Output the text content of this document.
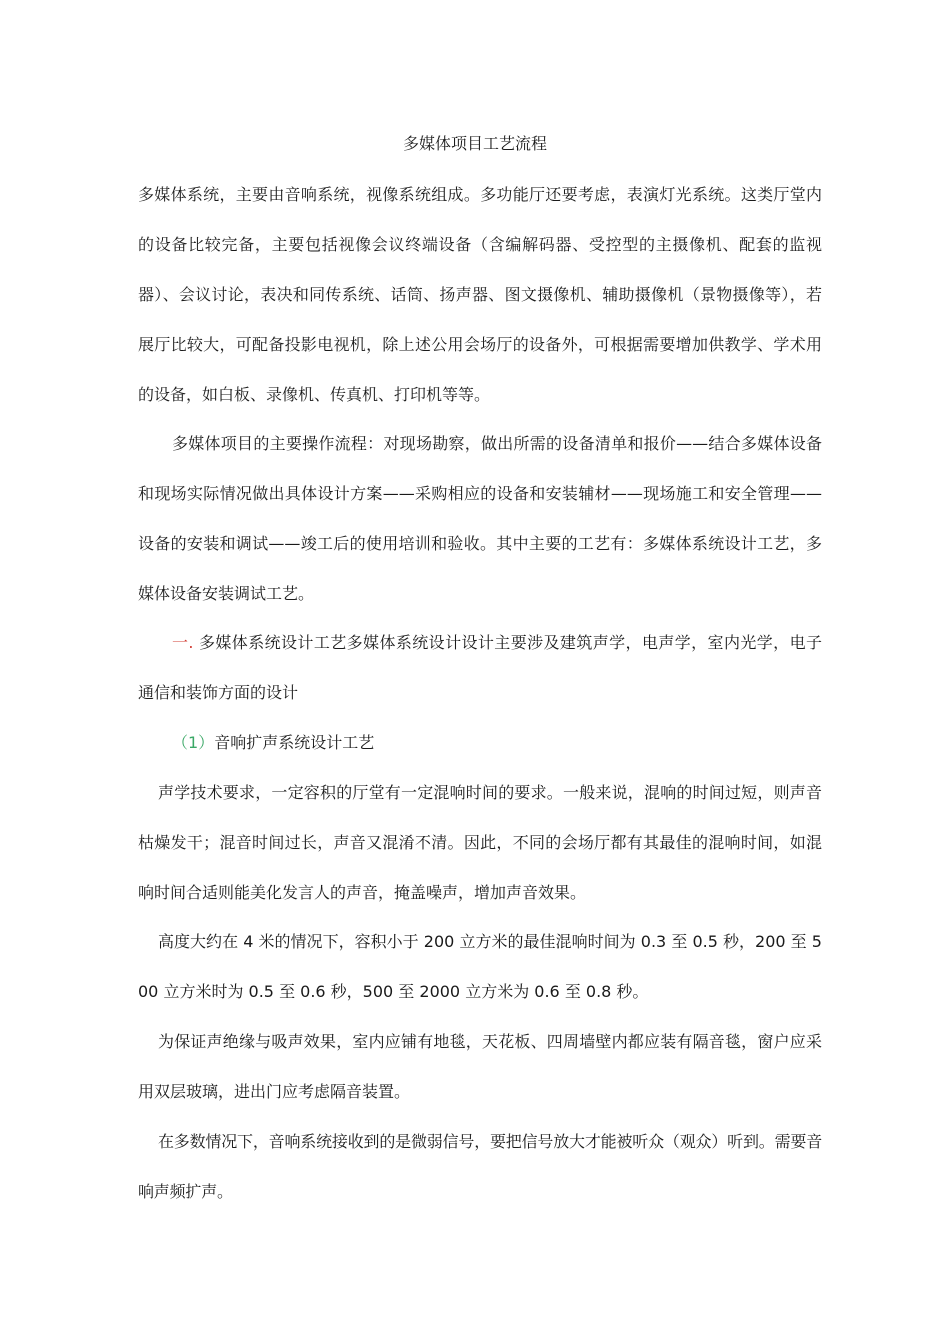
多媒体项目工艺流程

多媒体系统，主要由音响系统，视像系统组成。多功能厅还要考虑，表演灯光系统。这类厅堂内的设备比较完备，主要包括视像会议终端设备（含编解码器、受控型的主摄像机、配套的监视器）、会议讨论，表决和同传系统、话筒、扬声器、图文摄像机、辅助摄像机（景物摄像等），若展厅比较大，可配备投影电视机，除上述公用会场厅的设备外，可根据需要增加供教学、学术用的设备，如白板、录像机、传真机、打印机等等。

多媒体项目的主要操作流程：对现场勘察，做出所需的设备清单和报价——结合多媒体设备和现场实际情况做出具体设计方案——采购相应的设备和安装辅材——现场施工和安全管理——设备的安装和调试——竣工后的使用培训和验收。其中主要的工艺有：多媒体系统设计工艺，多媒体设备安装调试工艺。

一. 多媒体系统设计工艺多媒体系统设计设计主要涉及建筑声学，电声学，室内光学，电子通信和装饰方面的设计

（1）音响扩声系统设计工艺

声学技术要求，一定容积的厅堂有一定混响时间的要求。一般来说，混响的时间过短，则声音枯燥发干；混音时间过长，声音又混淆不清。因此，不同的会场厅都有其最佳的混响时间，如混响时间合适则能美化发言人的声音，掩盖噪声，增加声音效果。

高度大约在 4 米的情况下，容积小于 200 立方米的最佳混响时间为 0.3 至 0.5 秒，200 至 500 立方米时为 0.5 至 0.6 秒，500 至 2000 立方米为 0.6 至 0.8 秒。

为保证声绝缘与吸声效果，室内应铺有地毯，天花板、四周墙壁内都应装有隔音毯，窗户应采用双层玻璃，进出门应考虑隔音装置。

在多数情况下，音响系统接收到的是微弱信号，要把信号放大才能被听众（观众）听到。需要音响声频扩声。
